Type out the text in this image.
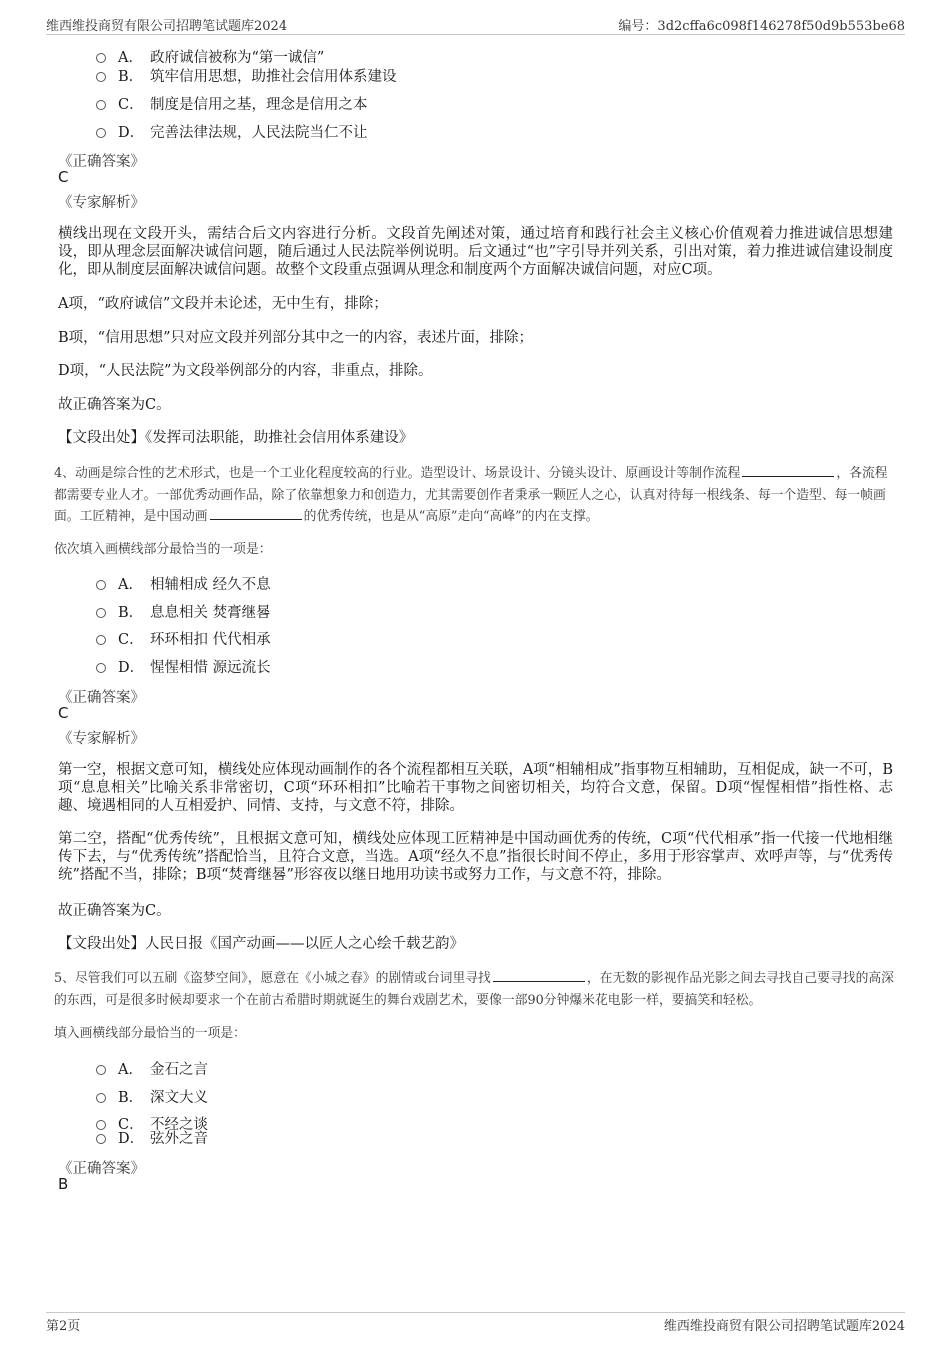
维西维投商贸有限公司招聘笔试题库2024	编号：3d2cffa6c098f146278f50d9b553be68
A． 政府诚信被称为“第一诚信”
B． 筑牢信用思想，助推社会信用体系建设
C． 制度是信用之基，理念是信用之本
D． 完善法律法规，人民法院当仁不让
《正确答案》
C
《专家解析》
横线出现在文段开头，需结合后文内容进行分析。文段首先阐述对策，通过培育和践行社会主义核心价值观着力推进诚信思想建设，即从理念层面解决诚信问题，随后通过人民法院举例说明。后文通过“也”字引导并列关系，引出对策，着力推进诚信建设制度化，即从制度层面解决诚信问题。故整个文段重点强调从理念和制度两个方面解决诚信问题，对应C项。
A项，“政府诚信”文段并未论述，无中生有，排除；
B项，“信用思想”只对应文段并列部分其中之一的内容，表述片面，排除；
D项，“人民法院”为文段举例部分的内容，非重点，排除。
故正确答案为C。
【文段出处】《发挥司法职能，助推社会信用体系建设》
4、动画是综合性的艺术形式，也是一个工业化程度较高的行业。造型设计、场景设计、分镜头设计、原画设计等制作流程	，各流程都需要专业人才。一部优秀动画作品，除了依靠想象力和创造力，尤其需要创作者秉承一颗匠人之心，认真对待每一根线条、每一个造型、每一帧画面。工匠精神，是中国动画	的优秀传统，也是从“高原”走向“高峰”的内在支撑。
依次填入画横线部分最恰当的一项是：
A． 相辅相成 经久不息
B． 息息相关 焚膏继晷
C． 环环相扣 代代相承
D． 惺惺相惜 源远流长
《正确答案》
C
《专家解析》
第一空，根据文意可知，横线处应体现动画制作的各个流程都相互关联，A项“相辅相成”指事物互相辅助，互相促成，缺一不可，B项“息息相关”比喻关系非常密切，C项“环环相扣”比喻若干事物之间密切相关，均符合文意，保留。D项“惺惺相惜”指性格、志趣、境遇相同的人互相爱护、同情、支持，与文意不符，排除。
第二空，搭配“优秀传统”，且根据文意可知，横线处应体现工匠精神是中国动画优秀的传统，C项“代代相承”指一代接一代地相继传下去，与“优秀传统”搭配恰当，且符合文意，当选。A项“经久不息”指很长时间不停止，多用于形容掌声、欢呼声等，与“优秀传统”搭配不当，排除；B项“焚膏继晷”形容夜以继日地用功读书或努力工作，与文意不符，排除。
故正确答案为C。
【文段出处】人民日报《国产动画——以匠人之心绘千载艺韵》
5、尽管我们可以五刷《盗梦空间》，愿意在《小城之春》的剧情或台词里寻找	，在无数的影视作品光影之间去寻找自己要寻找的高深的东西，可是很多时候却要求一个在前古希腊时期就诞生的舞台戏剧艺术，要像一部90分钟爆米花电影一样，要搞笑和轻松。
填入画横线部分最恰当的一项是：
A． 金石之言
B． 深文大义
C． 不经之谈
D． 弦外之音
《正确答案》
B
第2页	维西维投商贸有限公司招聘笔试题库2024
